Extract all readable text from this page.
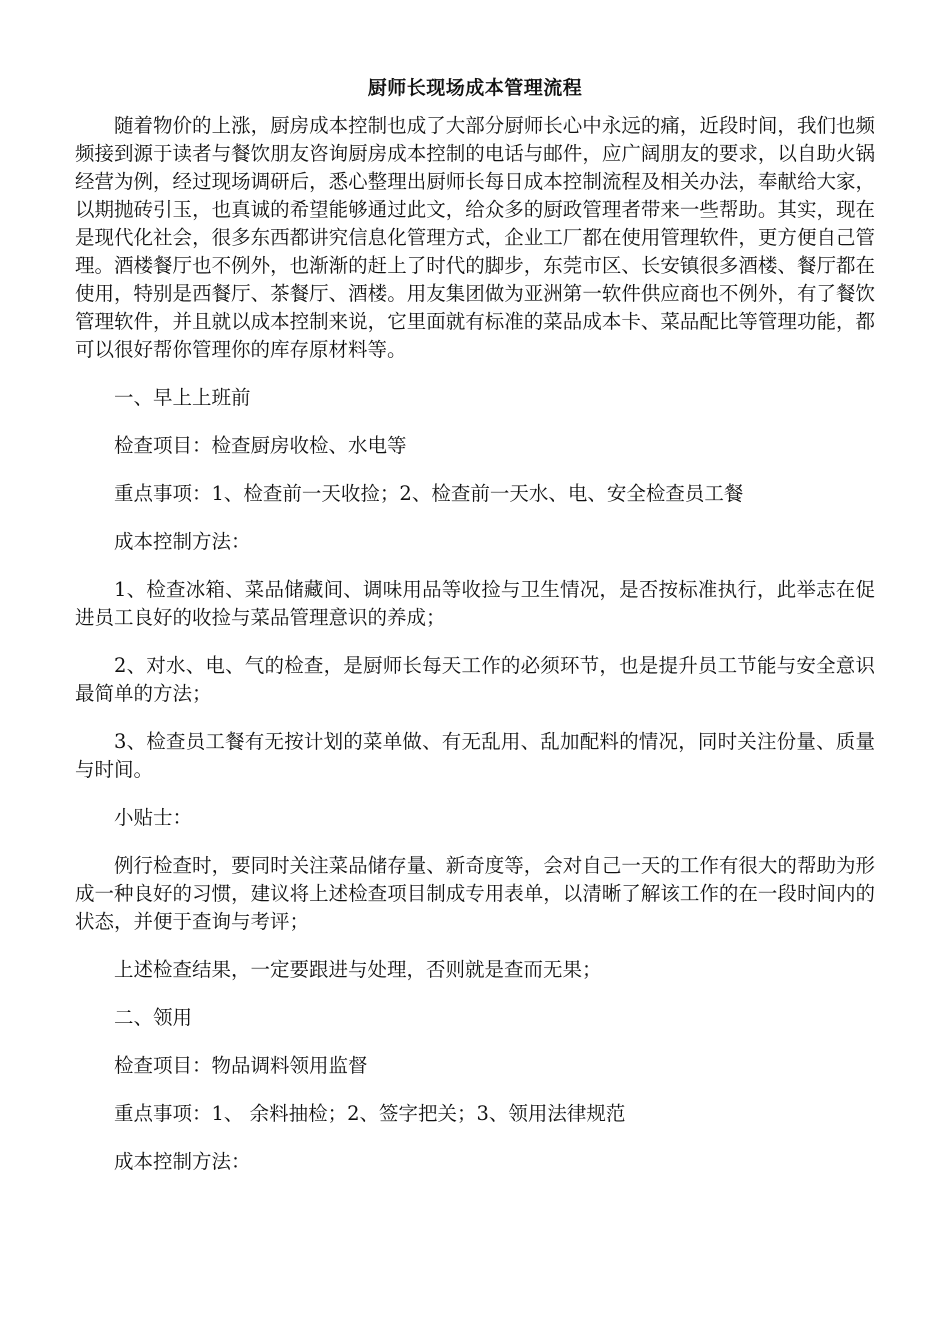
厨师长现场成本管理流程

随着物价的上涨，厨房成本控制也成了大部分厨师长心中永远的痛，近段时间，我们也频频接到源于读者与餐饮朋友咨询厨房成本控制的电话与邮件，应广阔朋友的要求，以自助火锅经营为例，经过现场调研后，悉心整理出厨师长每日成本控制流程及相关办法，奉献给大家，以期抛砖引玉，也真诚的希望能够通过此文，给众多的厨政管理者带来一些帮助。其实，现在是现代化社会，很多东西都讲究信息化管理方式，企业工厂都在使用管理软件，更方便自己管理。酒楼餐厅也不例外，也渐渐的赶上了时代的脚步，东莞市区、长安镇很多酒楼、餐厅都在使用，特别是西餐厅、茶餐厅、酒楼。用友集团做为亚洲第一软件供应商也不例外，有了餐饮管理软件，并且就以成本控制来说，它里面就有标准的菜品成本卡、菜品配比等管理功能，都可以很好帮你管理你的库存原材料等。

一、早上上班前

检查项目：检查厨房收检、水电等

重点事项：1、检查前一天收捡；2、检查前一天水、电、安全检查员工餐

成本控制方法：

1、检查冰箱、菜品储藏间、调味用品等收捡与卫生情况，是否按标准执行，此举志在促进员工良好的收捡与菜品管理意识的养成；

2、对水、电、气的检查，是厨师长每天工作的必须环节，也是提升员工节能与安全意识最简单的方法；

3、检查员工餐有无按计划的菜单做、有无乱用、乱加配料的情况，同时关注份量、质量与时间。

小贴士：

例行检查时，要同时关注菜品储存量、新奇度等，会对自己一天的工作有很大的帮助为形成一种良好的习惯，建议将上述检查项目制成专用表单，以清晰了解该工作的在一段时间内的状态，并便于查询与考评；

上述检查结果，一定要跟进与处理，否则就是查而无果；

二、领用

检查项目：物品调料领用监督

重点事项：1、 余料抽检；2、签字把关；3、领用法律规范

成本控制方法：
